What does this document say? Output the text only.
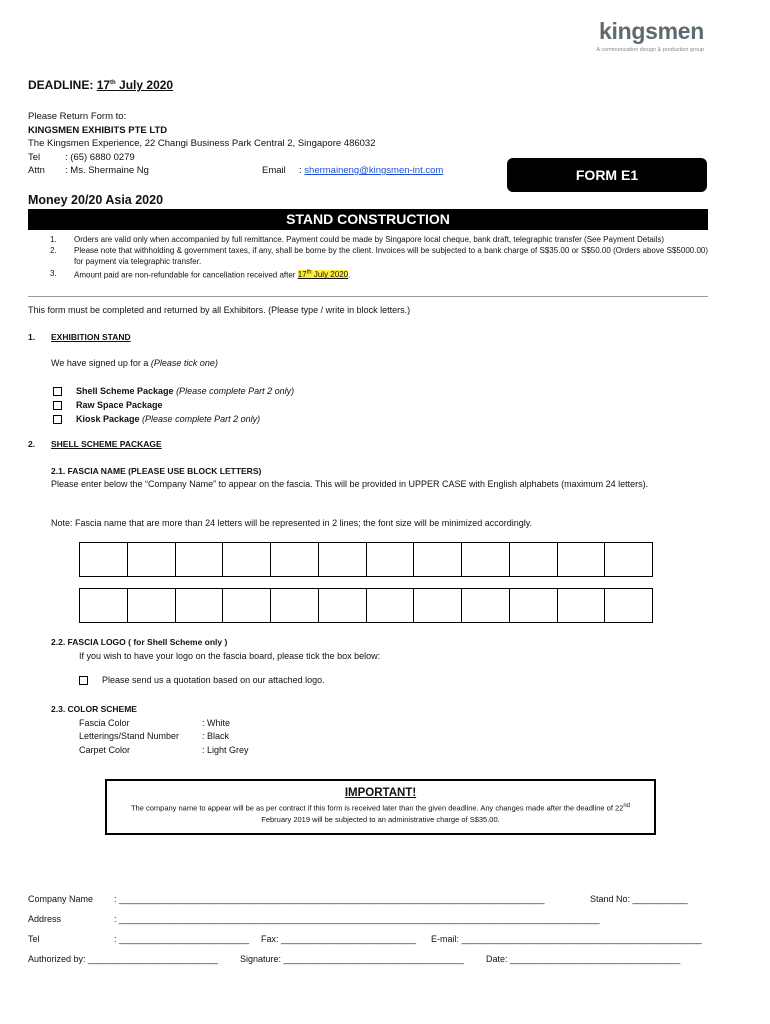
kingsmen
A communication design & production group
DEADLINE: 17th July 2020
Please Return Form to:
KINGSMEN EXHIBITS PTE LTD
The Kingsmen Experience, 22 Changi Business Park Central 2, Singapore 486032
Tel	: (65) 6880 0279
Attn	: Ms. Shermaine Ng	Email	:
shermaineng@kingsmen-int.com	FORM E1
Money 20/20 Asia 2020
STAND CONSTRUCTION
1.	Orders are valid only when accompanied by full remittance. Payment could be made by Singapore local cheque, bank draft, telegraphic transfer (See Payment Details)
2.	Please note that withholding & government taxes, if any, shall be borne by the client. Invoices will be subjected to a bank charge of S$35.00 or S$50.00 (Orders above S$5000.00) for payment via telegraphic transfer.
3.	Amount paid are non-refundable for cancellation received after 17th July 2020.
This form must be completed and returned by all Exhibitors. (Please type / write in block letters.)
1. EXHIBITION STAND
We have signed up for a (Please tick one)
Shell Scheme Package (Please complete Part 2 only)
Raw Space Package
Kiosk Package (Please complete Part 2 only)
2. SHELL SCHEME PACKAGE
2.1. FASCIA NAME (PLEASE USE BLOCK LETTERS)
Please enter below the “Company Name” to appear on the fascia. This will be provided in UPPER CASE with English alphabets (maximum 24 letters).
Note: Fascia name that are more than 24 letters will be represented in 2 lines; the font size will be minimized accordingly.
2.2. FASCIA LOGO ( for Shell Scheme only )
If you wish to have your logo on the fascia board, please tick the box below:
Please send us a quotation based on our attached logo.
2.3. COLOR SCHEME
Fascia Color	: White
Letterings/Stand Number	: Black
Carpet Color	: Light Grey
IMPORTANT!
The company name to appear will be as per contract if this form is received later than the given deadline. Any changes made after the deadline of 22nd February 2019 will be subjected to an administrative charge of S$35.00.
Company Name : _____________________________________________________________________________________	Stand No: ___________
Address	: ________________________________________________________________________________________________
Tel	: __________________________ Fax: ___________________________ E-mail: ________________________________________________
Authorized by: __________________________ Signature: ____________________________________ Date: __________________________________
